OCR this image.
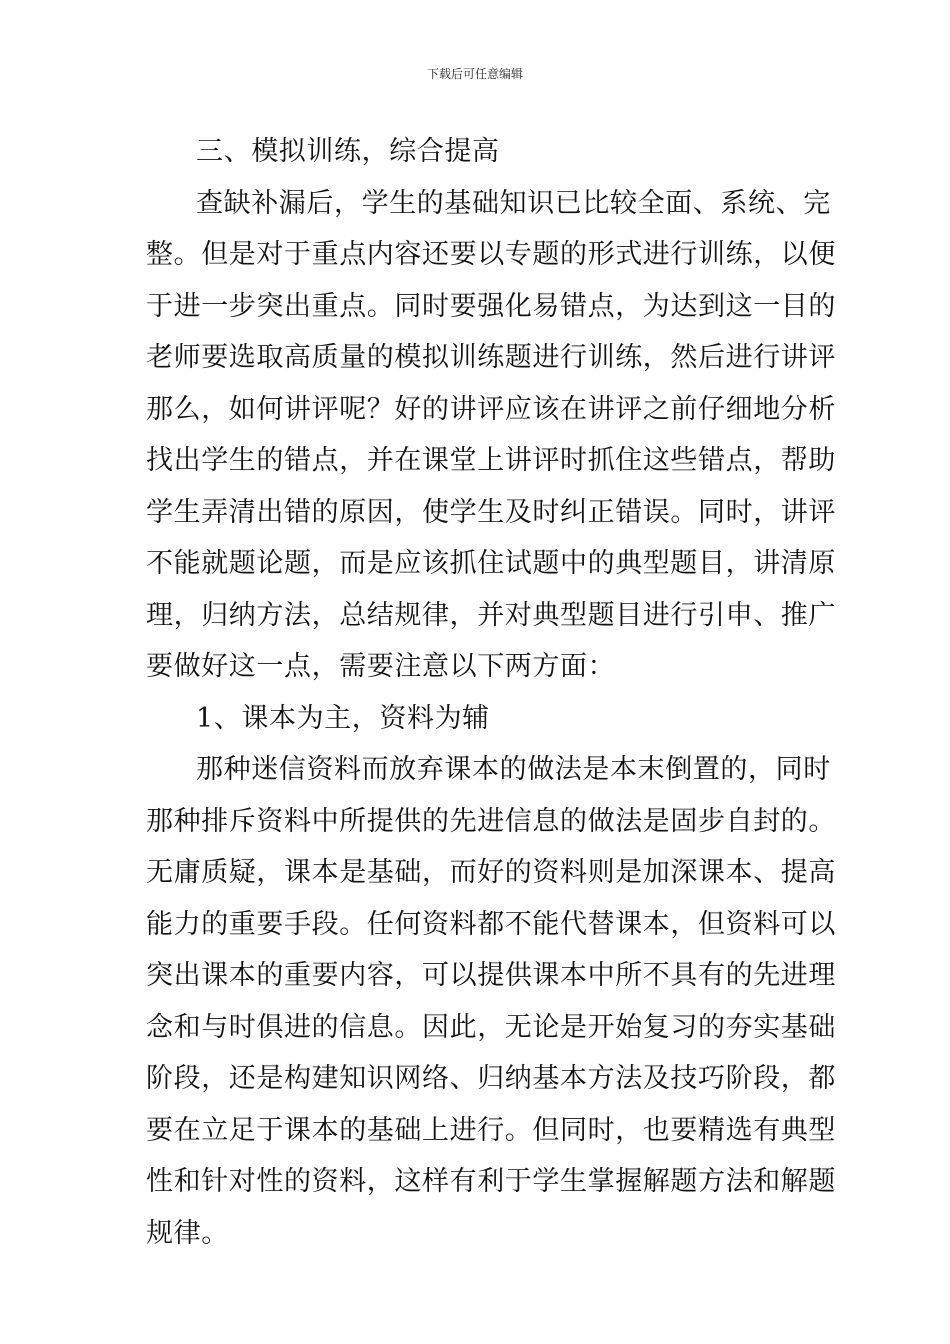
下载后可任意编辑
三、模拟训练，综合提高
查缺补漏后，学生的基础知识已比较全面、系统、完
整。但是对于重点内容还要以专题的形式进行训练，以便
于进一步突出重点。同时要强化易错点，为达到这一目的
老师要选取高质量的模拟训练题进行训练，然后进行讲评
那么，如何讲评呢？好的讲评应该在讲评之前仔细地分析
找出学生的错点，并在课堂上讲评时抓住这些错点，帮助
学生弄清出错的原因，使学生及时纠正错误。同时，讲评
不能就题论题，而是应该抓住试题中的典型题目，讲清原
理，归纳方法，总结规律，并对典型题目进行引申、推广
要做好这一点，需要注意以下两方面：
1、课本为主，资料为辅
那种迷信资料而放弃课本的做法是本末倒置的，同时
那种排斥资料中所提供的先进信息的做法是固步自封的。
无庸质疑，课本是基础，而好的资料则是加深课本、提高
能力的重要手段。任何资料都不能代替课本，但资料可以
突出课本的重要内容，可以提供课本中所不具有的先进理
念和与时俱进的信息。因此，无论是开始复习的夯实基础
阶段，还是构建知识网络、归纳基本方法及技巧阶段，都
要在立足于课本的基础上进行。但同时，也要精选有典型
性和针对性的资料，这样有利于学生掌握解题方法和解题
规律。
